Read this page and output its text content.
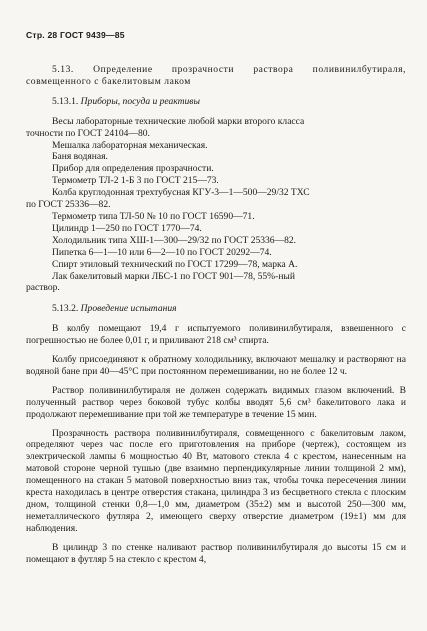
Стр. 28 ГОСТ 9439—85

5.13. Определение прозрачности раствора поливинилбутираля, совмещенного с бакелитовым лаком

5.13.1. Приборы, посуда и реактивы

Весы лабораторные технические любой марки второго класса
точности по ГОСТ 24104—80.
Мешалка лабораторная механическая.
Баня водяная.
Прибор для определения прозрачности.
Термометр ТЛ-2 1-Б 3 по ГОСТ 215—73.
Колба круглодонная трехтубусная КГУ-3—1—500—29/32 ТХС
по ГОСТ 25336—82.
Термометр типа ТЛ-50 № 10 по ГОСТ 16590—71.
Цилиндр 1—250 по ГОСТ 1770—74.
Холодильник типа ХШ-1—300—29/32 по ГОСТ 25336—82.
Пипетка 6—1—10 или 6—2—10 по ГОСТ 20292—74.
Спирт этиловый технический по ГОСТ 17299—78, марка А.
Лак бакелитовый марки ЛБС-1 по ГОСТ 901—78, 55%-ный
раствор.

5.13.2. Проведение испытания

В колбу помещают 19,4 г испытуемого поливинилбутираля, взвешенного с погрешностью не более 0,01 г, и приливают 218 см³ спирта.

Колбу присоединяют к обратному холодильнику, включают мешалку и растворяют на водяной бане при 40—45°С при постоянном перемешивании, но не более 12 ч.

Раствор поливинилбутираля не должен содержать видимых глазом включений. В полученный раствор через боковой тубус колбы вводят 5,6 см³ бакелитового лака и продолжают перемешивание при той же температуре в течение 15 мин.

Прозрачность раствора поливинилбутираля, совмещенного с бакелитовым лаком, определяют через час после его приготовления на приборе (чертеж), состоящем из электрической лампы 6 мощностью 40 Вт, матового стекла 4 с крестом, нанесенным на матовой стороне черной тушью (две взаимно перпендикулярные линии толщиной 2 мм), помещенного на стакан 5 матовой поверхностью вниз так, чтобы точка пересечения линии креста находилась в центре отверстия стакана, цилиндра 3 из бесцветного стекла с плоским дном, толщиной стенки 0,8—1,0 мм, диаметром (35±2) мм и высотой 250—300 мм, неметаллического футляра 2, имеющего сверху отверстие диаметром (19±1) мм для наблюдения.

В цилиндр 3 по стенке наливают раствор поливинилбутираля до высоты 15 см и помещают в футляр 5 на стекло с крестом 4,
